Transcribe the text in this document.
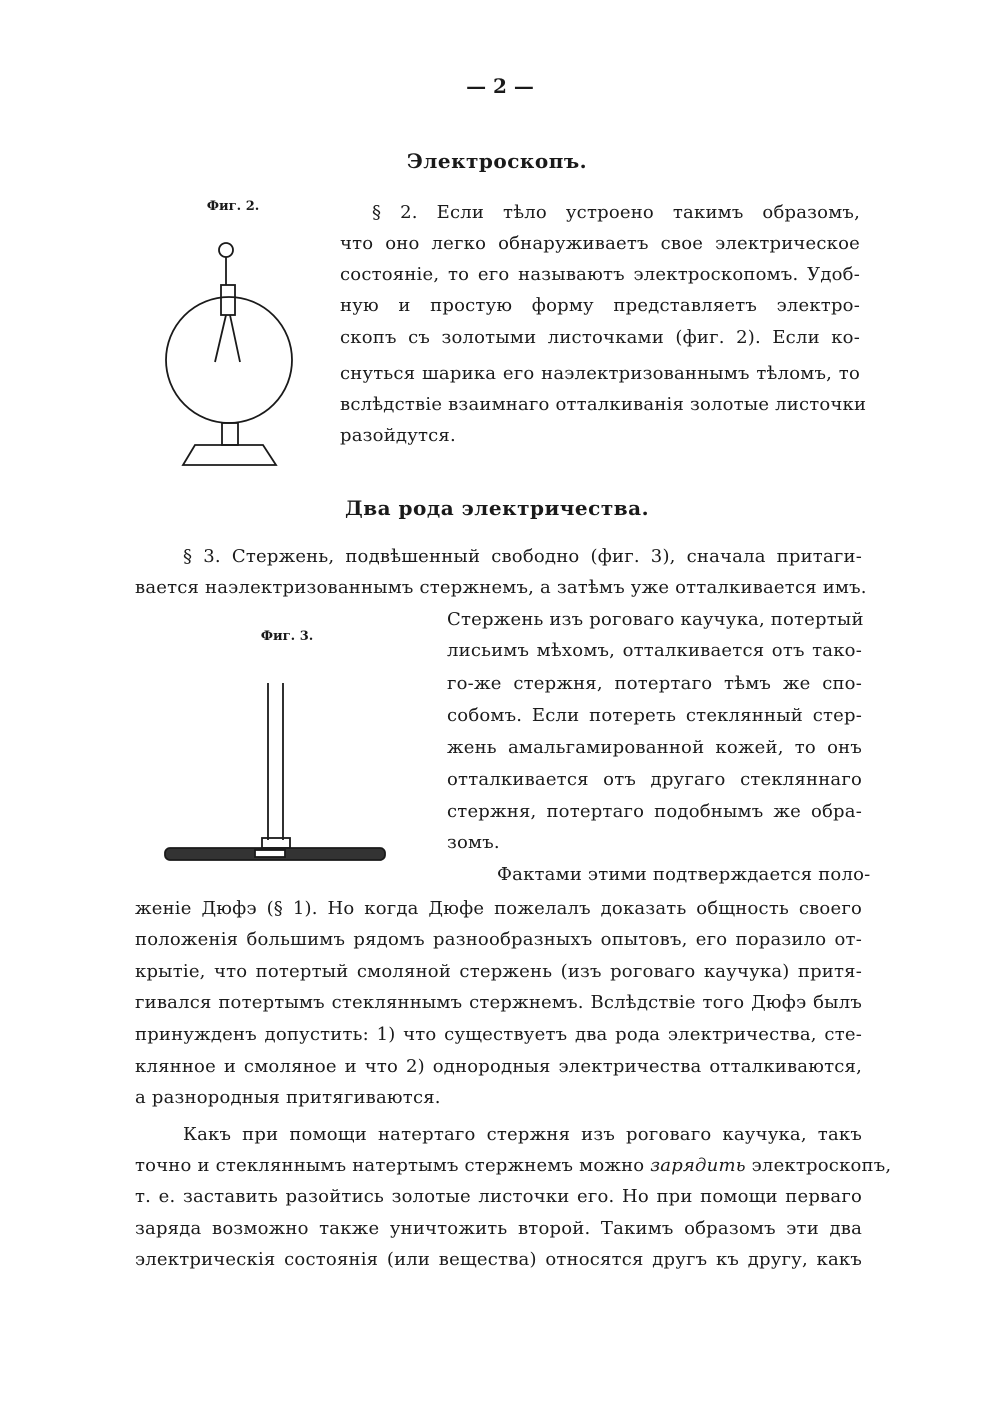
— 2 —
Электроскопъ.
Фиг. 2.
Два рода электричества.
Фиг. 3.
§ 2. Если тѣло устроено такимъ образомъ,
что оно легко обнаруживаетъ свое электрическое
состояніе, то его называютъ электроскопомъ. Удоб-
ную и простую форму представляетъ электро-
скопъ съ золотыми листочками (фиг. 2). Если ко-
снуться шарика его наэлектризованнымъ тѣломъ, то
вслѣдствіе взаимнаго отталкиванія золотые листочки
разойдутся.
§ 3. Стержень, подвѣшенный свободно (фиг. 3), сначала притаги-
вается наэлектризованнымъ стержнемъ, а затѣмъ уже отталкивается имъ.
Стержень изъ роговаго каучука, потертый
лисьимъ мѣхомъ, отталкивается отъ тако-
го-же стержня, потертаго тѣмъ же спо-
собомъ. Если потереть стеклянный стер-
жень амальгамированной кожей, то онъ
отталкивается отъ другаго стекляннаго
стержня, потертаго подобнымъ же обра-
зомъ.
Фактами этими подтверждается поло-
женіе Дюфэ (§ 1). Но когда Дюфе пожелалъ доказать общность своего
положенія большимъ рядомъ разнообразныхъ опытовъ, его поразило от-
крытіе, что потертый смоляной стержень (изъ роговаго каучука) притя-
гивался потертымъ стекляннымъ стержнемъ. Вслѣдствіе того Дюфэ былъ
принужденъ допустить: 1) что существуетъ два рода электричества, сте-
клянное и смоляное и что 2) однородныя электричества отталкиваются,
а разнородныя притягиваются.
Какъ при помощи натертаго стержня изъ роговаго каучука, такъ
точно и стекляннымъ натертымъ стержнемъ можно зарядить электроскопъ,
т. е. заставить разойтись золотые листочки его. Но при помощи перваго
заряда возможно также уничтожить второй. Такимъ образомъ эти два
электрическія состоянія (или вещества) относятся другъ къ другу, какъ
